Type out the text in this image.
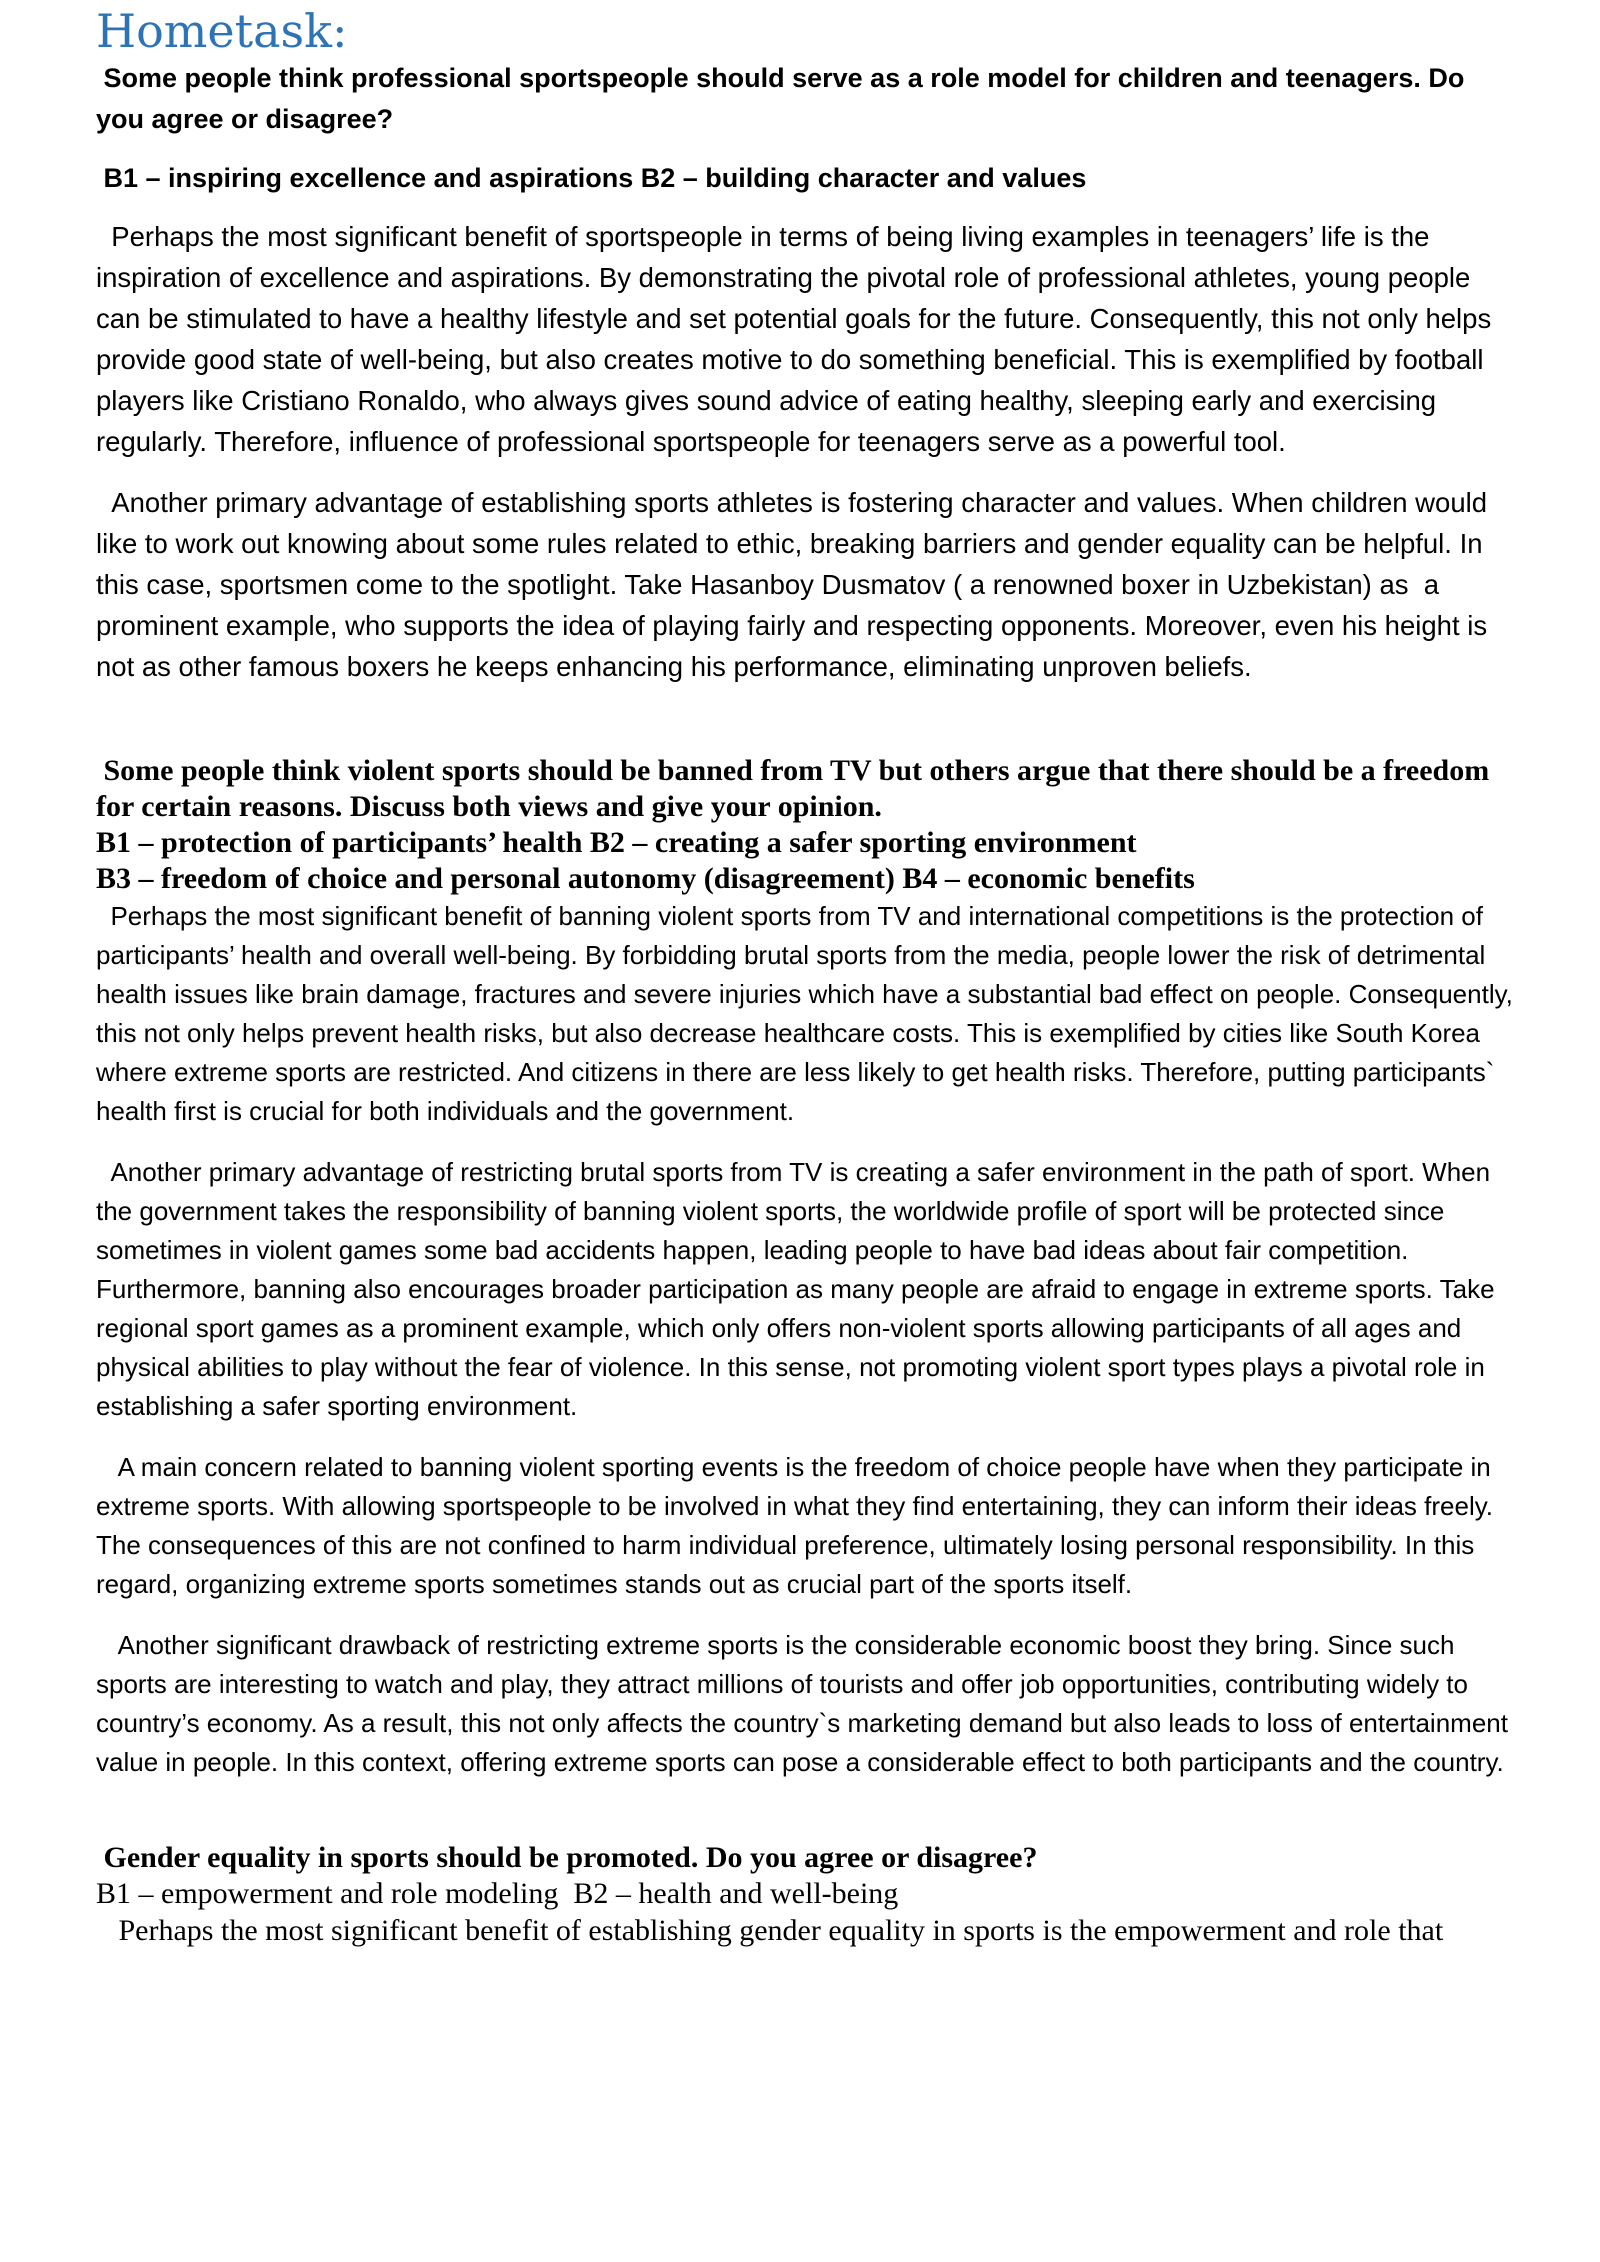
Hometask:

Some people think professional sportspeople should serve as a role model for children and teenagers. Do you agree or disagree?

B1 – inspiring excellence and aspirations B2 – building character and values

Perhaps the most significant benefit of sportspeople in terms of being living examples in teenagers’ life is the inspiration of excellence and aspirations. By demonstrating the pivotal role of professional athletes, young people can be stimulated to have a healthy lifestyle and set potential goals for the future. Consequently, this not only helps provide good state of well-being, but also creates motive to do something beneficial. This is exemplified by football players like Cristiano Ronaldo, who always gives sound advice of eating healthy, sleeping early and exercising regularly. Therefore, influence of professional sportspeople for teenagers serve as a powerful tool.

Another primary advantage of establishing sports athletes is fostering character and values. When children would like to work out knowing about some rules related to ethic, breaking barriers and gender equality can be helpful. In this case, sportsmen come to the spotlight. Take Hasanboy Dusmatov ( a renowned boxer in Uzbekistan) as  a prominent example, who supports the idea of playing fairly and respecting opponents. Moreover, even his height is not as other famous boxers he keeps enhancing his performance, eliminating unproven beliefs.

Some people think violent sports should be banned from TV but others argue that there should be a freedom for certain reasons. Discuss both views and give your opinion.

B1 – protection of participants’ health B2 – creating a safer sporting environment

B3 – freedom of choice and personal autonomy (disagreement) B4 – economic benefits

Perhaps the most significant benefit of banning violent sports from TV and international competitions is the protection of participants’ health and overall well-being. By forbidding brutal sports from the media, people lower the risk of detrimental health issues like brain damage, fractures and severe injuries which have a substantial bad effect on people. Consequently, this not only helps prevent health risks, but also decrease healthcare costs. This is exemplified by cities like South Korea where extreme sports are restricted. And citizens in there are less likely to get health risks. Therefore, putting participants` health first is crucial for both individuals and the government.

Another primary advantage of restricting brutal sports from TV is creating a safer environment in the path of sport. When the government takes the responsibility of banning violent sports, the worldwide profile of sport will be protected since sometimes in violent games some bad accidents happen, leading people to have bad ideas about fair competition. Furthermore, banning also encourages broader participation as many people are afraid to engage in extreme sports. Take regional sport games as a prominent example, which only offers non-violent sports allowing participants of all ages and physical abilities to play without the fear of violence. In this sense, not promoting violent sport types plays a pivotal role in establishing a safer sporting environment.

A main concern related to banning violent sporting events is the freedom of choice people have when they participate in extreme sports. With allowing sportspeople to be involved in what they find entertaining, they can inform their ideas freely. The consequences of this are not confined to harm individual preference, ultimately losing personal responsibility. In this regard, organizing extreme sports sometimes stands out as crucial part of the sports itself.

Another significant drawback of restricting extreme sports is the considerable economic boost they bring. Since such sports are interesting to watch and play, they attract millions of tourists and offer job opportunities, contributing widely to country’s economy. As a result, this not only affects the country`s marketing demand but also leads to loss of entertainment value in people. In this context, offering extreme sports can pose a considerable effect to both participants and the country.

Gender equality in sports should be promoted. Do you agree or disagree?

B1 – empowerment and role modeling  B2 – health and well-being

Perhaps the most significant benefit of establishing gender equality in sports is the empowerment and role that
